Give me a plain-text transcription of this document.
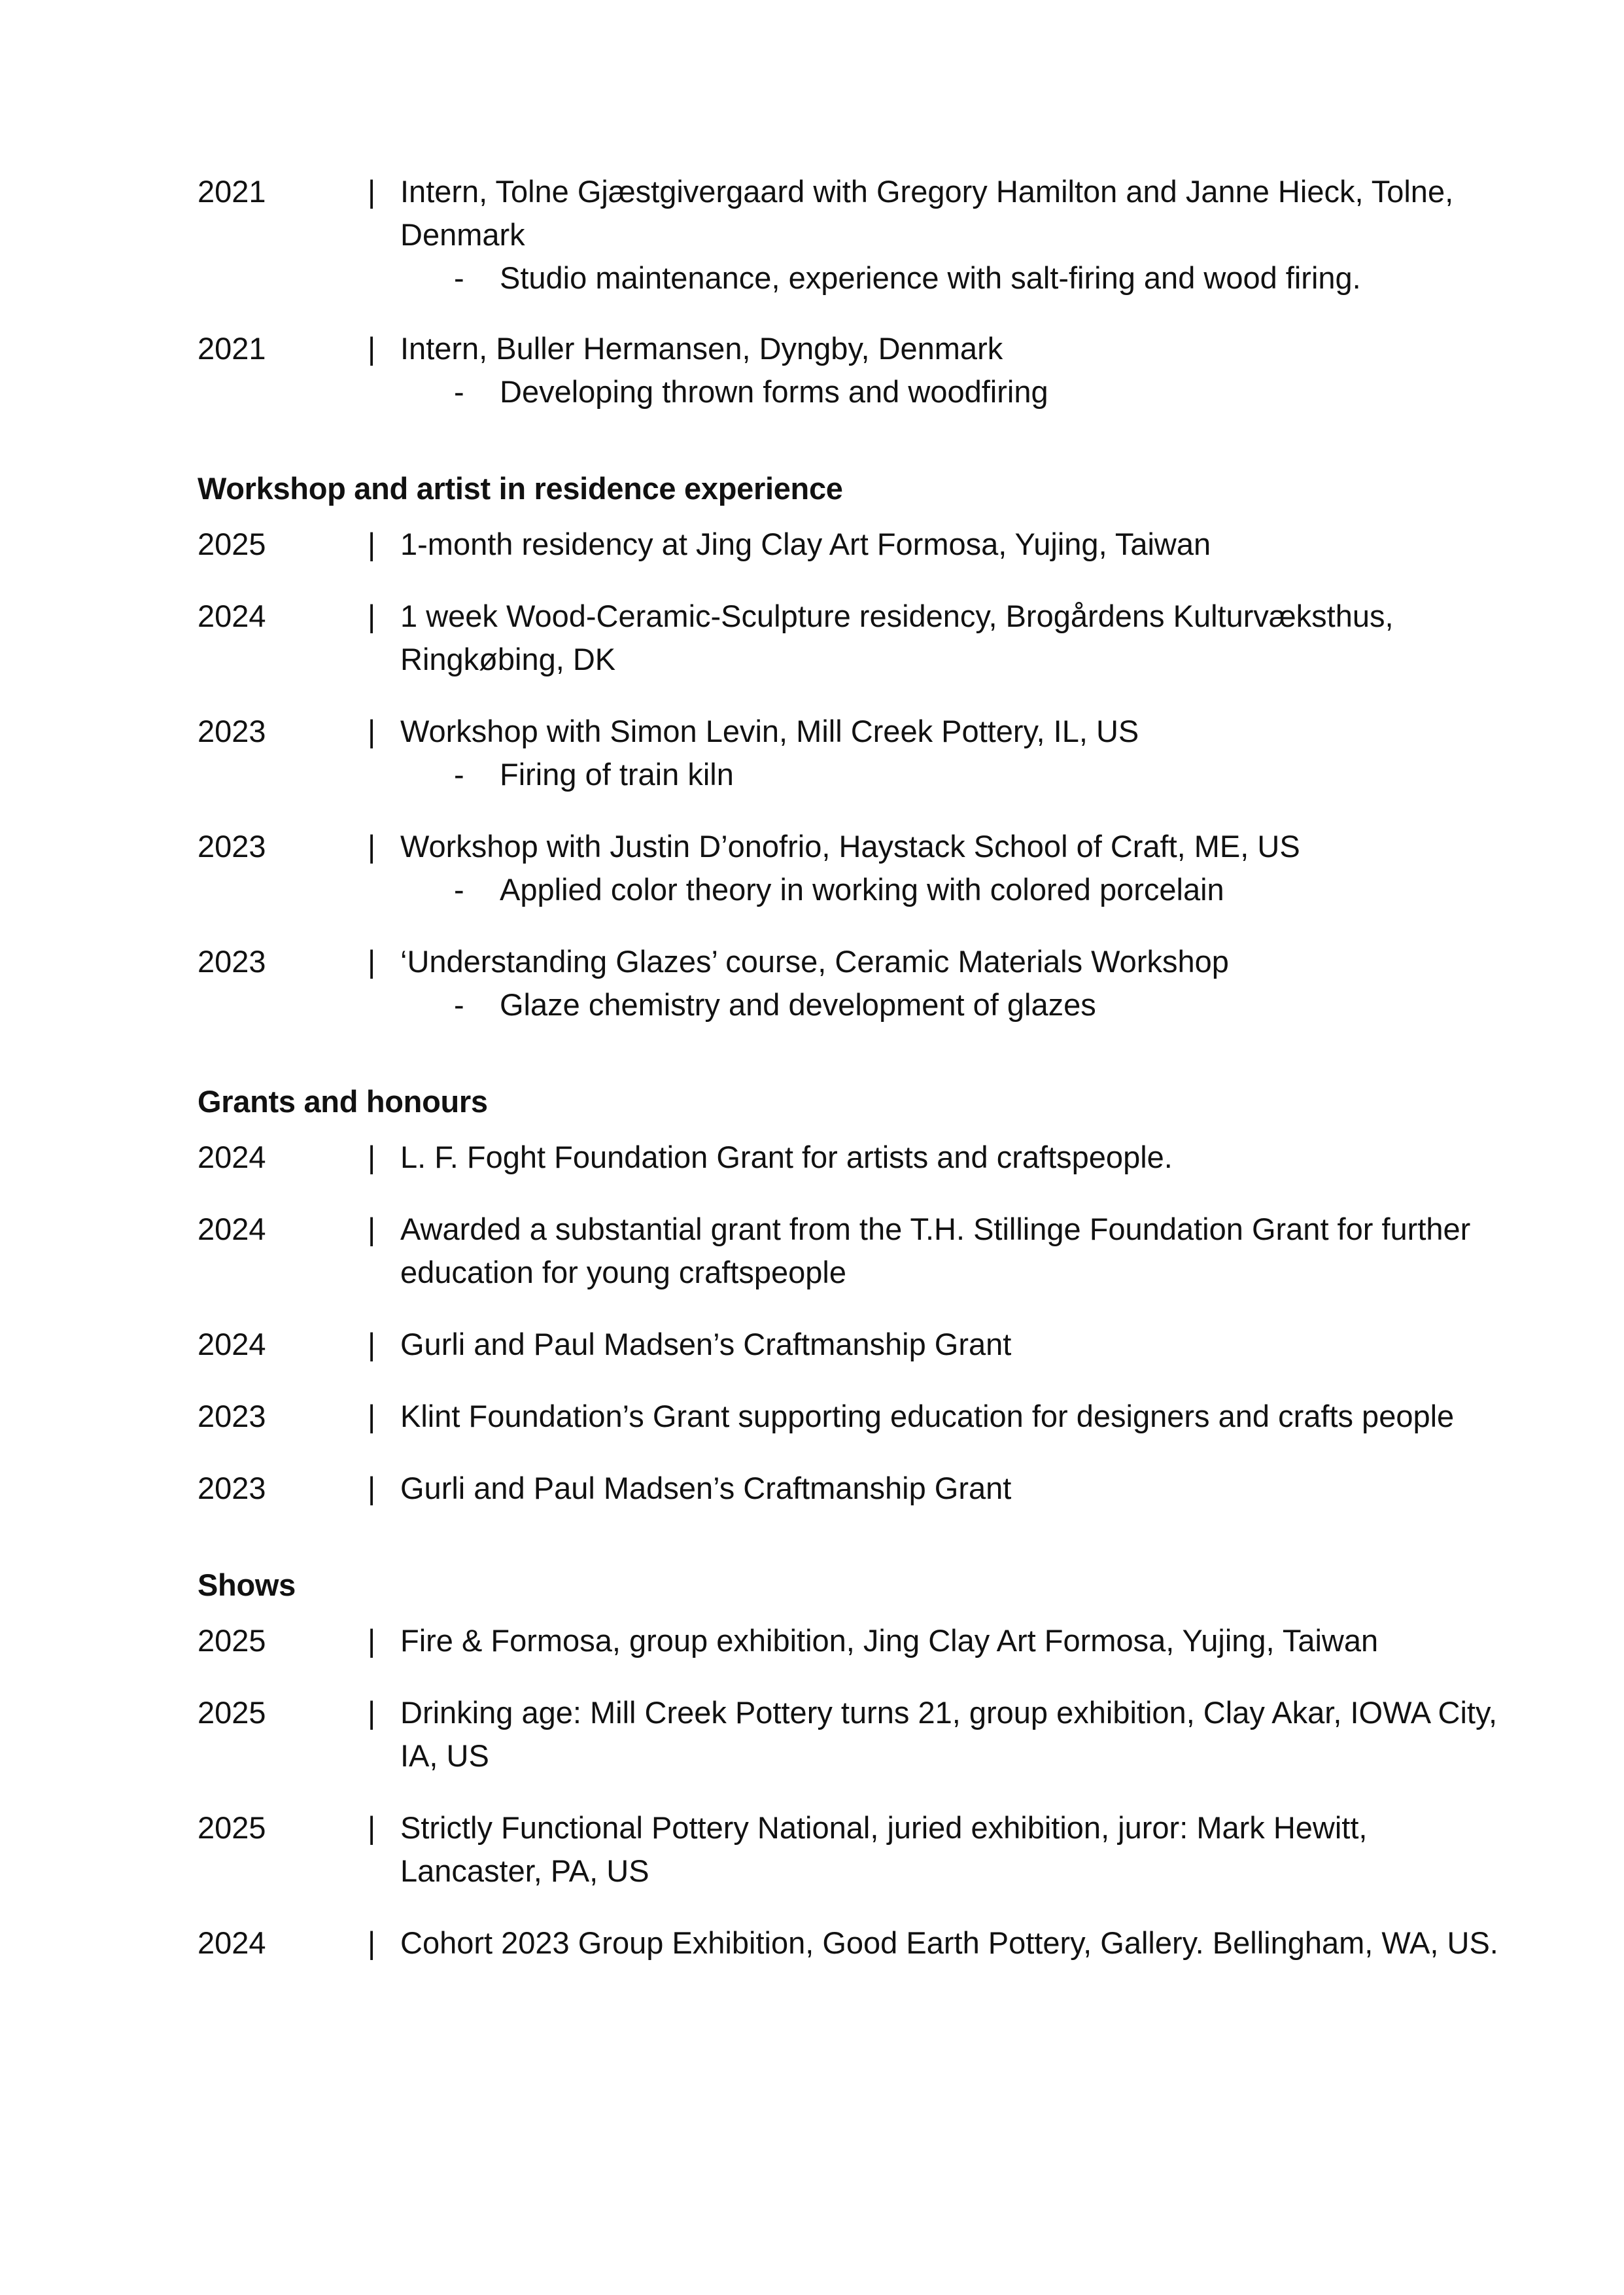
2021	| Intern, Tolne Gjæstgivergaard with Gregory Hamilton and Janne Hieck, Tolne, Denmark
-	Studio maintenance, experience with salt-firing and wood firing.
2021	| Intern, Buller Hermansen, Dyngby, Denmark
-	Developing thrown forms and woodfiring
Workshop and artist in residence experience
2025	| 1-month residency at Jing Clay Art Formosa, Yujing, Taiwan
2024	| 1 week Wood-Ceramic-Sculpture residency, Brogårdens Kulturvæksthus, Ringkøbing, DK
2023	| Workshop with Simon Levin, Mill Creek Pottery, IL, US
-	Firing of train kiln
2023	| Workshop with Justin D’onofrio, Haystack School of Craft, ME, US
-	Applied color theory in working with colored porcelain
2023	| ‘Understanding Glazes’ course, Ceramic Materials Workshop
-	Glaze chemistry and development of glazes
Grants and honours
2024	| L. F. Foght Foundation Grant for artists and craftspeople.
2024	| Awarded a substantial grant from the T.H. Stillinge Foundation Grant for further education for young craftspeople
2024	| Gurli and Paul Madsen’s Craftmanship Grant
2023	| Klint Foundation’s Grant supporting education for designers and crafts people
2023	| Gurli and Paul Madsen’s Craftmanship Grant
Shows
2025	| Fire & Formosa, group exhibition, Jing Clay Art Formosa, Yujing, Taiwan
2025	| Drinking age: Mill Creek Pottery turns 21, group exhibition, Clay Akar, IOWA City, IA, US
2025	| Strictly Functional Pottery National, juried exhibition, juror: Mark Hewitt, Lancaster, PA, US
2024	| Cohort 2023 Group Exhibition, Good Earth Pottery, Gallery. Bellingham, WA, US.
